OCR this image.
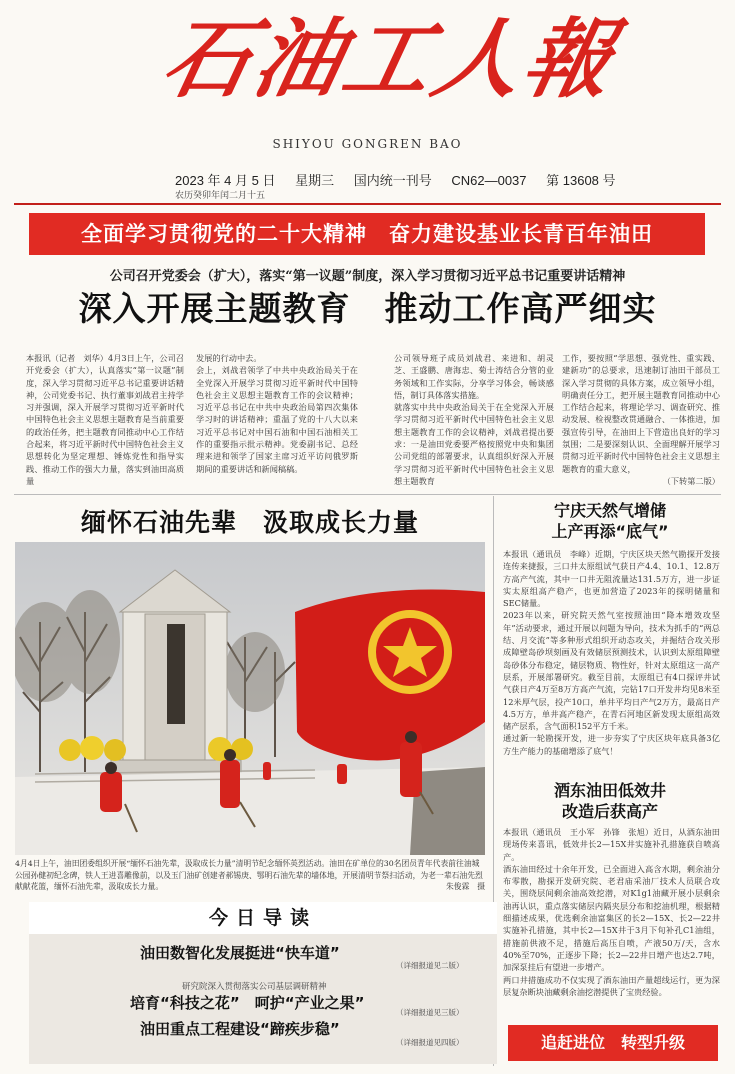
石油工人報
SHIYOU GONGREN BAO
2023 年 4 月 5 日 星期三 国内统一刊号 CN62—0037 第 13608 号
农历癸卯年闰二月十五
全面学习贯彻党的二十大精神　奋力建设基业长青百年油田
公司召开党委会（扩大），落实“第一议题”制度，深入学习贯彻习近平总书记重要讲话精神
深入开展主题教育　推动工作高严细实
本报讯（记者　刘华）4月3日上午，公司召开党委会（扩大），认真落实“第一议题”制度，深入学习贯彻习近平总书记重要讲话精神，公司党委书记、执行董事刘战君主持学习并强调，深入开展学习贯彻习近平新时代中国特色社会主义思想主题教育是当前重要的政治任务，把主题教育同推动中心工作结合起来，将习近平新时代中国特色社会主义思想转化为坚定理想、锤炼党性和指导实践、推动工作的强大力量，落实到油田高质量
发展的行动中去。
会上，刘战君领学了中共中央政治局关于在全党深入开展学习贯彻习近平新时代中国特色社会主义思想主题教育工作的会议精神；习近平总书记在中共中央政治局第四次集体学习时的讲话精神；重温了党的十八大以来习近平总书记对中国石油和中国石油相关工作的重要指示批示精神。党委副书记、总经理来进和领学了国家主席习近平访问俄罗斯期间的重要讲话和新闻稿稿。
公司领导班子成员刘战君、来进和、胡灵芝、王盛鹏、唐海忠、菊士涛结合分管的业务领域和工作实际，分享学习体会，畅谈感悟，制订具体落实措施。
就落实中共中央政治局关于在全党深入开展学习贯彻习近平新时代中国特色社会主义思想主题教育工作的会议精神，刘战君提出要求：一是油田党委要严格按照党中央和集团公司党组的部署要求，认真组织好深入开展学习贯彻习近平新时代中国特色社会主义思想主题教育
工作，要按照“学思想、强党性、重实践、建新功”的总要求，迅速制订油田干部员工深入学习贯彻的具体方案，成立领导小组，明确责任分工，把开展主题教育同推动中心工作结合起来，将理论学习、调查研究、推动发展、检视整改贯通融合、一体推进，加强宣传引导，在油田上下营造出良好的学习氛围；二是要深刻认识、全面理解开展学习贯彻习近平新时代中国特色社会主义思想主题教育的重大意义，
（下转第二版）
缅怀石油先辈　汲取成长力量
4月4日上午，油田团委组织开展“缅怀石油先辈，汲取成长力量”清明节纪念缅怀英烈活动。油田在矿单位的30名团员青年代表前往油城公园孙健初纪念碑，铁人王进喜雕像前，以及玉门油矿创建者郝锡庚、鄂明石油先辈的墙体地，开展清明节祭扫活动，为老一辈石油先烈献献花篮，缅怀石油先辈，汲取成长力量。	朱俊霖　摄
宁庆天然气增储
上产再添“底气”
本报讯（通讯员　李峰）近期，宁庆区块天然气勘探开发接连传来捷报，三口井太原组试气获日产4.4、10.1、12.8万方高产气流，其中一口井无阻流量达131.5万方，进一步证实太原组高产稳产，也更加营造了2023年的探明储量和SEC储量。
2023年以来，研究院天然气室按照油田“降本增效攻坚年”活动要求，通过开展以问题为导向，技术为抓手的“两总结、月交流”等多种形式组织开动态攻关，并掘结合攻关形成障壁岛砂坝刻画及有效储层预测技术，认识到太原组障壁岛砂体分布稳定，储层物质、物性好，针对太原组这一高产层系，开展部署研究。截至目前，太原组已有4口探评井试气获日产4万至8万方高产气流，完钻17口开发井均见8米至12米厚气层，投产10口，单井平均日产气2万方，最高日产4.5万方，单井高产稳产，在青石河地区新发现太原组高效储产层系，含气面积152平方千米。
通过新一轮勘探开发，进一步夯实了宁庆区块年底具备3亿方生产能力的基础增添了底气！
酒东油田低效井
改造后获高产
本报讯（通讯员　王小军　孙锋　张旭）近日，从酒东油田现场传来喜讯，低效井长2—15X井实施补孔措施获自喷高产。
酒东油田经过十余年开发，已全面进入高含水期，剩余油分布零散，勘探开发研究院、老君庙采油厂技术人员联合攻关，围绕层间剩余油高效挖潜，对K1g1油藏开展小层剩余油再认识，重点落实储层内隔夹层分布和挖油机理，根据精细描述成果，优选剩余油富集区的长2—15X、长2—22井实施补孔措施，其中长2—15X井于3月下旬补孔C1油组，措施前供液不足，措施后高压自喷，产液50万/天，含水40%至70%，正逐步下降；长2—22井日增产也达2.7吨，加深泵挂后有望进一步增产。
两口井措施成功不仅实现了酒东油田产量超线运行，更为深层复杂断块油藏剩余油挖潜提供了宝贵经验。
今日导读
油田数智化发展挺进“快车道”
（详细报道见二版）
研究院深入贯彻落实公司基层调研精神
培育“科技之花”　呵护“产业之果”
（详细报道见三版）
油田重点工程建设“蹄疾步稳”
（详细报道见四版）	追赶进位　转型升级
